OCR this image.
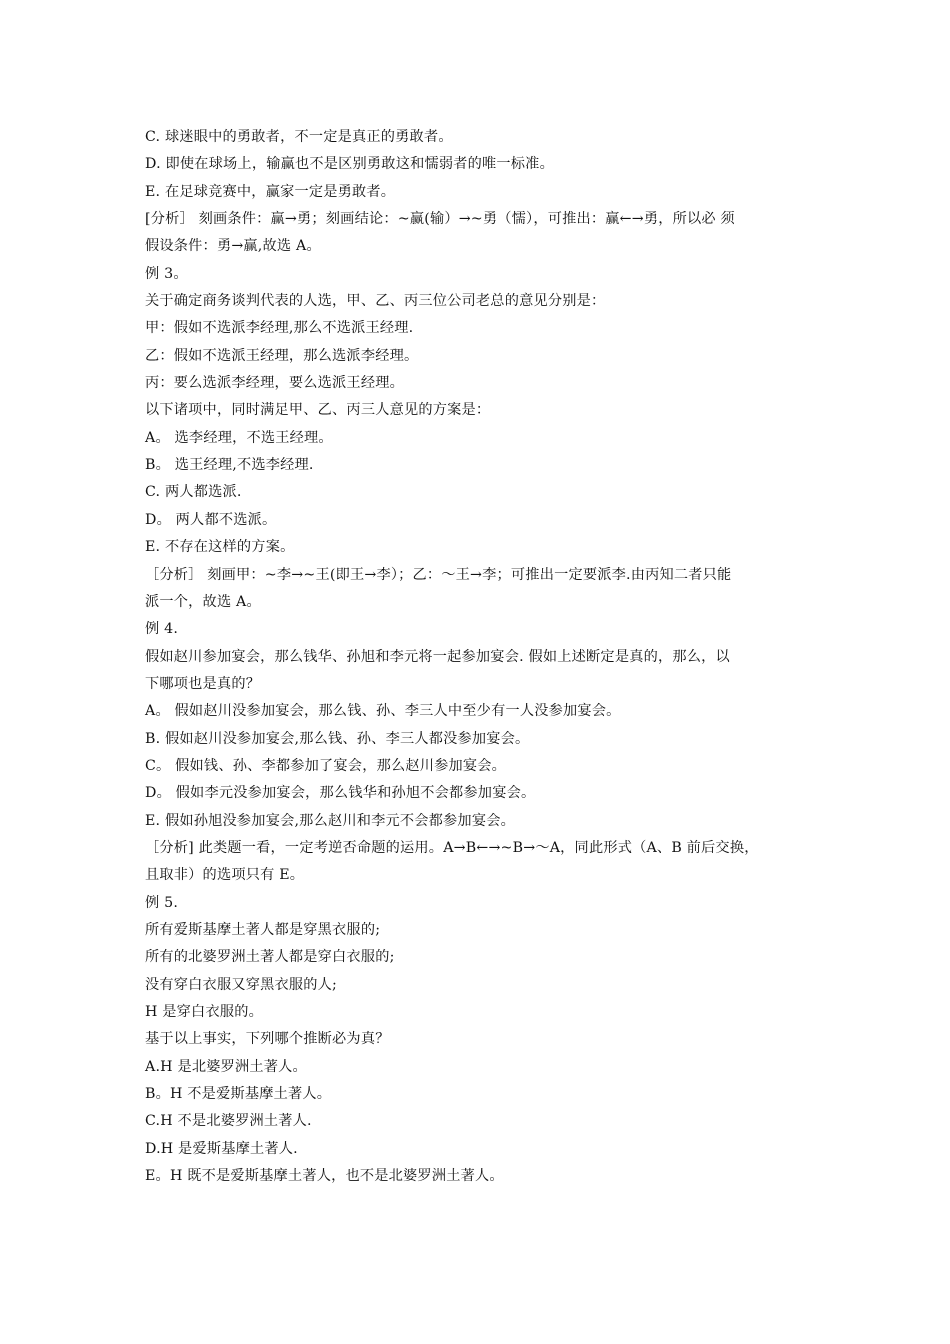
C. 球迷眼中的勇敢者，不一定是真正的勇敢者。
D. 即使在球场上，输赢也不是区别勇敢这和懦弱者的唯一标准。
E. 在足球竞赛中，赢家一定是勇敢者。
[分析］ 刻画条件：赢→勇；刻画结论：~赢(输）→~勇（懦），可推出：赢←→勇，所以必 须
假设条件：勇→赢,故选 A。
例 3。
关于确定商务谈判代表的人选，甲、乙、丙三位公司老总的意见分别是：
甲：假如不选派李经理,那么不选派王经理.
乙：假如不选派王经理，那么选派李经理。
丙：要么选派李经理，要么选派王经理。
以下诸项中，同时满足甲、乙、丙三人意见的方案是：
A。 选李经理，不选王经理。
B。 选王经理,不选李经理.
C. 两人都选派.
D。 两人都不选派。
E. 不存在这样的方案。
［分析］ 刻画甲：~李→~王(即王→李）；乙：～王→李；可推出一定要派李.由丙知二者只能
派一个，故选 A。
例 4.
假如赵川参加宴会，那么钱华、孙旭和李元将一起参加宴会. 假如上述断定是真的，那么，以
下哪项也是真的？
A。 假如赵川没参加宴会，那么钱、孙、李三人中至少有一人没参加宴会。
B. 假如赵川没参加宴会,那么钱、孙、李三人都没参加宴会。
C。 假如钱、孙、李都参加了宴会，那么赵川参加宴会。
D。 假如李元没参加宴会，那么钱华和孙旭不会都参加宴会。
E. 假如孙旭没参加宴会,那么赵川和李元不会都参加宴会。
［分析] 此类题一看，一定考逆否命题的运用。A→B←→~B→～A，同此形式（A、B 前后交换，
且取非）的选项只有 E。
例 5.
所有爱斯基摩土著人都是穿黑衣服的;
所有的北婆罗洲土著人都是穿白衣服的;
没有穿白衣服又穿黑衣服的人;
H 是穿白衣服的。
基于以上事实，下列哪个推断必为真？
A.H 是北婆罗洲土著人。
B。H 不是爱斯基摩土著人。
C.H 不是北婆罗洲土著人.
D.H 是爱斯基摩土著人.
E。H 既不是爱斯基摩土著人，也不是北婆罗洲土著人。
